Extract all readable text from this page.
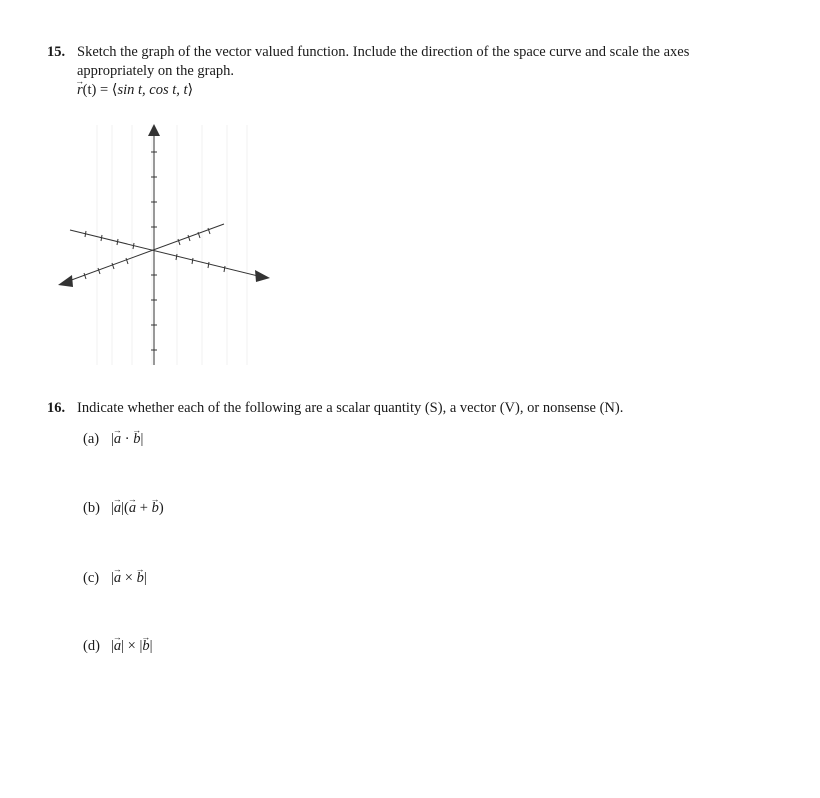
15. Sketch the graph of the vector valued function. Include the direction of the space curve and scale the axes
appropriately on the graph.
r →(t) = ⟨sin t, cos t, t⟩
16. Indicate whether each of the following are a scalar quantity (S), a vector (V), or nonsense (N).
(a) |a → · b →|
(b) |a →|(a → + b →)
(c) |a → × b →|
(d) |a →| × |b →|
